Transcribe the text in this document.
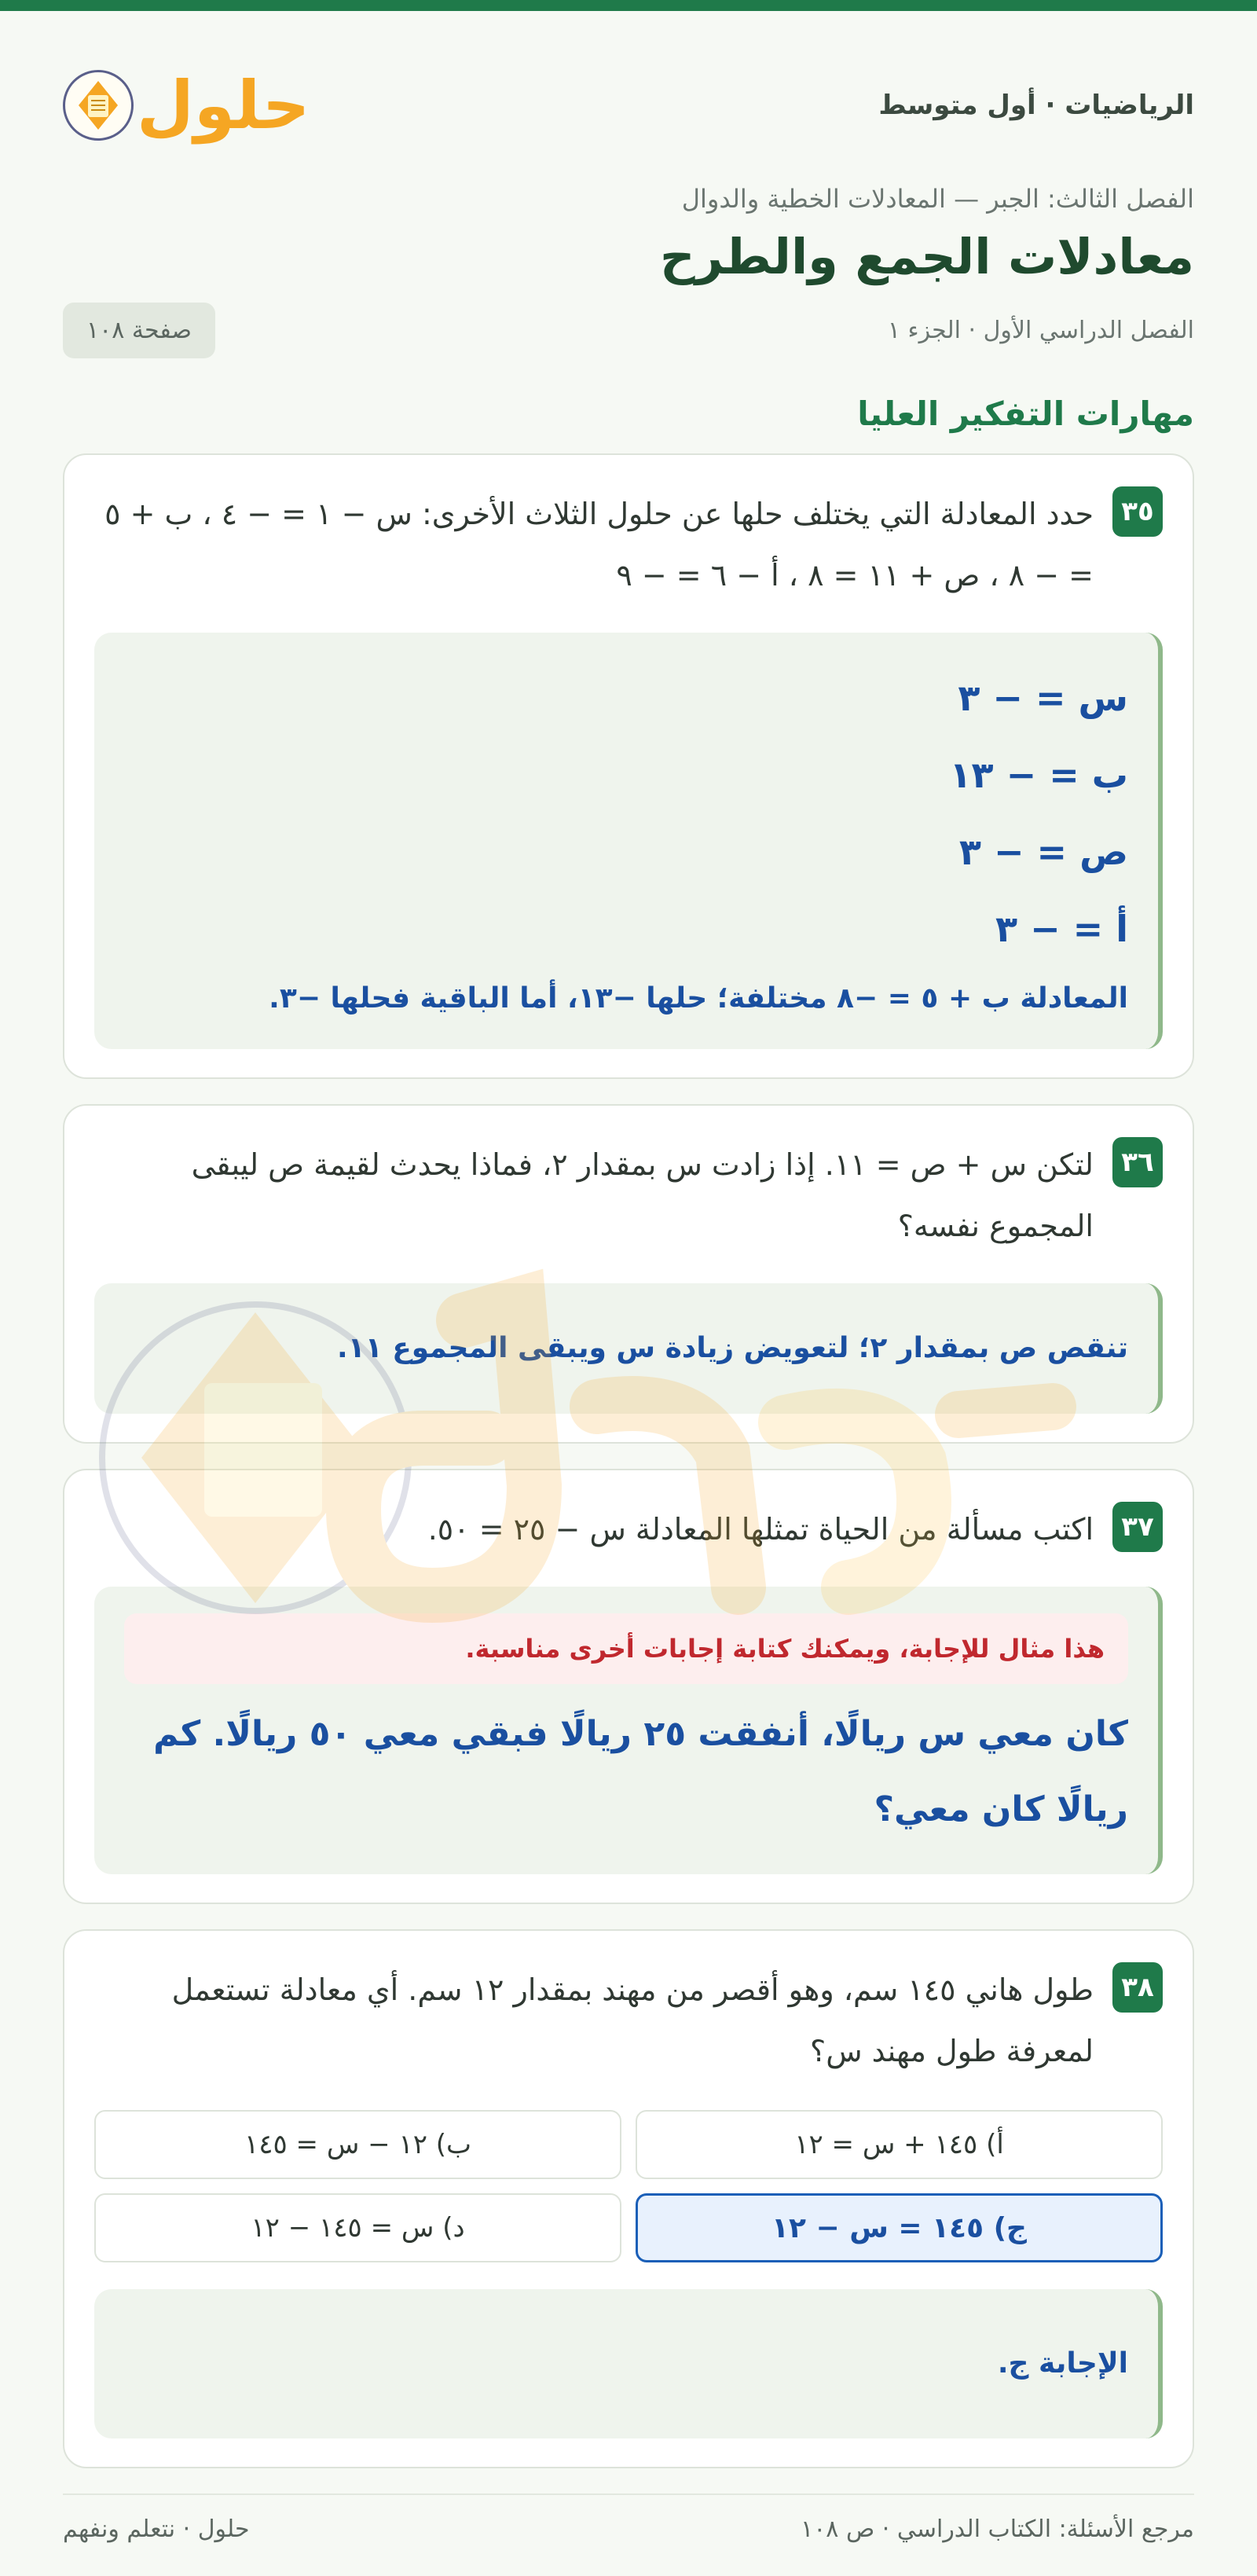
الرياضيات · أول متوسط
حلول
الفصل الثالث: الجبر — المعادلات الخطية والدوال
معادلات الجمع والطرح
الفصل الدراسي الأول · الجزء ١
صفحة ١٠٨
مهارات التفكير العليا
٣٥
حدد المعادلة التي يختلف حلها عن حلول الثلاث الأخرى: س − ١ = − ٤ ، ب + ٥ = − ٨ ، ص + ١١ = ٨ ، أ − ٦ = − ٩
س = − ٣
ب = − ١٣
ص = − ٣
أ = − ٣
المعادلة ب + ٥ = −٨ مختلفة؛ حلها −١٣، أما الباقية فحلها −٣.
٣٦
لتكن س + ص = ١١. إذا زادت س بمقدار ٢، فماذا يحدث لقيمة ص ليبقى المجموع نفسه؟
تنقص ص بمقدار ٢؛ لتعويض زيادة س ويبقى المجموع ١١.
٣٧
اكتب مسألة من الحياة تمثلها المعادلة س − ٢٥ = ٥٠.
هذا مثال للإجابة، ويمكنك كتابة إجابات أخرى مناسبة.
كان معي س ريالًا، أنفقت ٢٥ ريالًا فبقي معي ٥٠ ريالًا. كم ريالًا كان معي؟
٣٨
طول هاني ١٤٥ سم، وهو أقصر من مهند بمقدار ١٢ سم. أي معادلة تستعمل لمعرفة طول مهند س؟
أ) ١٤٥ + س = ١٢
ب) ١٢ − س = ١٤٥
ج) ١٤٥ = س − ١٢
د) س = ١٤٥ − ١٢
الإجابة ج.
مرجع الأسئلة: الكتاب الدراسي · ص ١٠٨
حلول · نتعلم ونفهم
